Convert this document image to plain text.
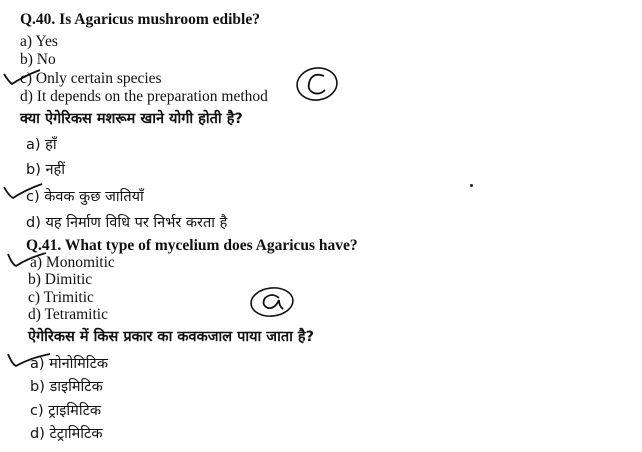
Q.40. Is Agaricus mushroom edible?
a) Yes
b) No
c) Only certain species
d) It depends on the preparation method
क्या ऐगेरिकस मशरूम खाने योगी होती है?
a) हाँ
b) नहीं
c) केवक कुछ जातियाँ
d) यह निर्माण विधि पर निर्भर करता है
Q.41. What type of mycelium does Agaricus have?
a) Monomitic
b) Dimitic
c) Trimitic
d) Tetramitic
ऐगेरिकस में किस प्रकार का कवकजाल पाया जाता है?
a) मोनोमिटिक
b) डाइमिटिक
c) ट्राइमिटिक
d) टेट्रामिटिक
